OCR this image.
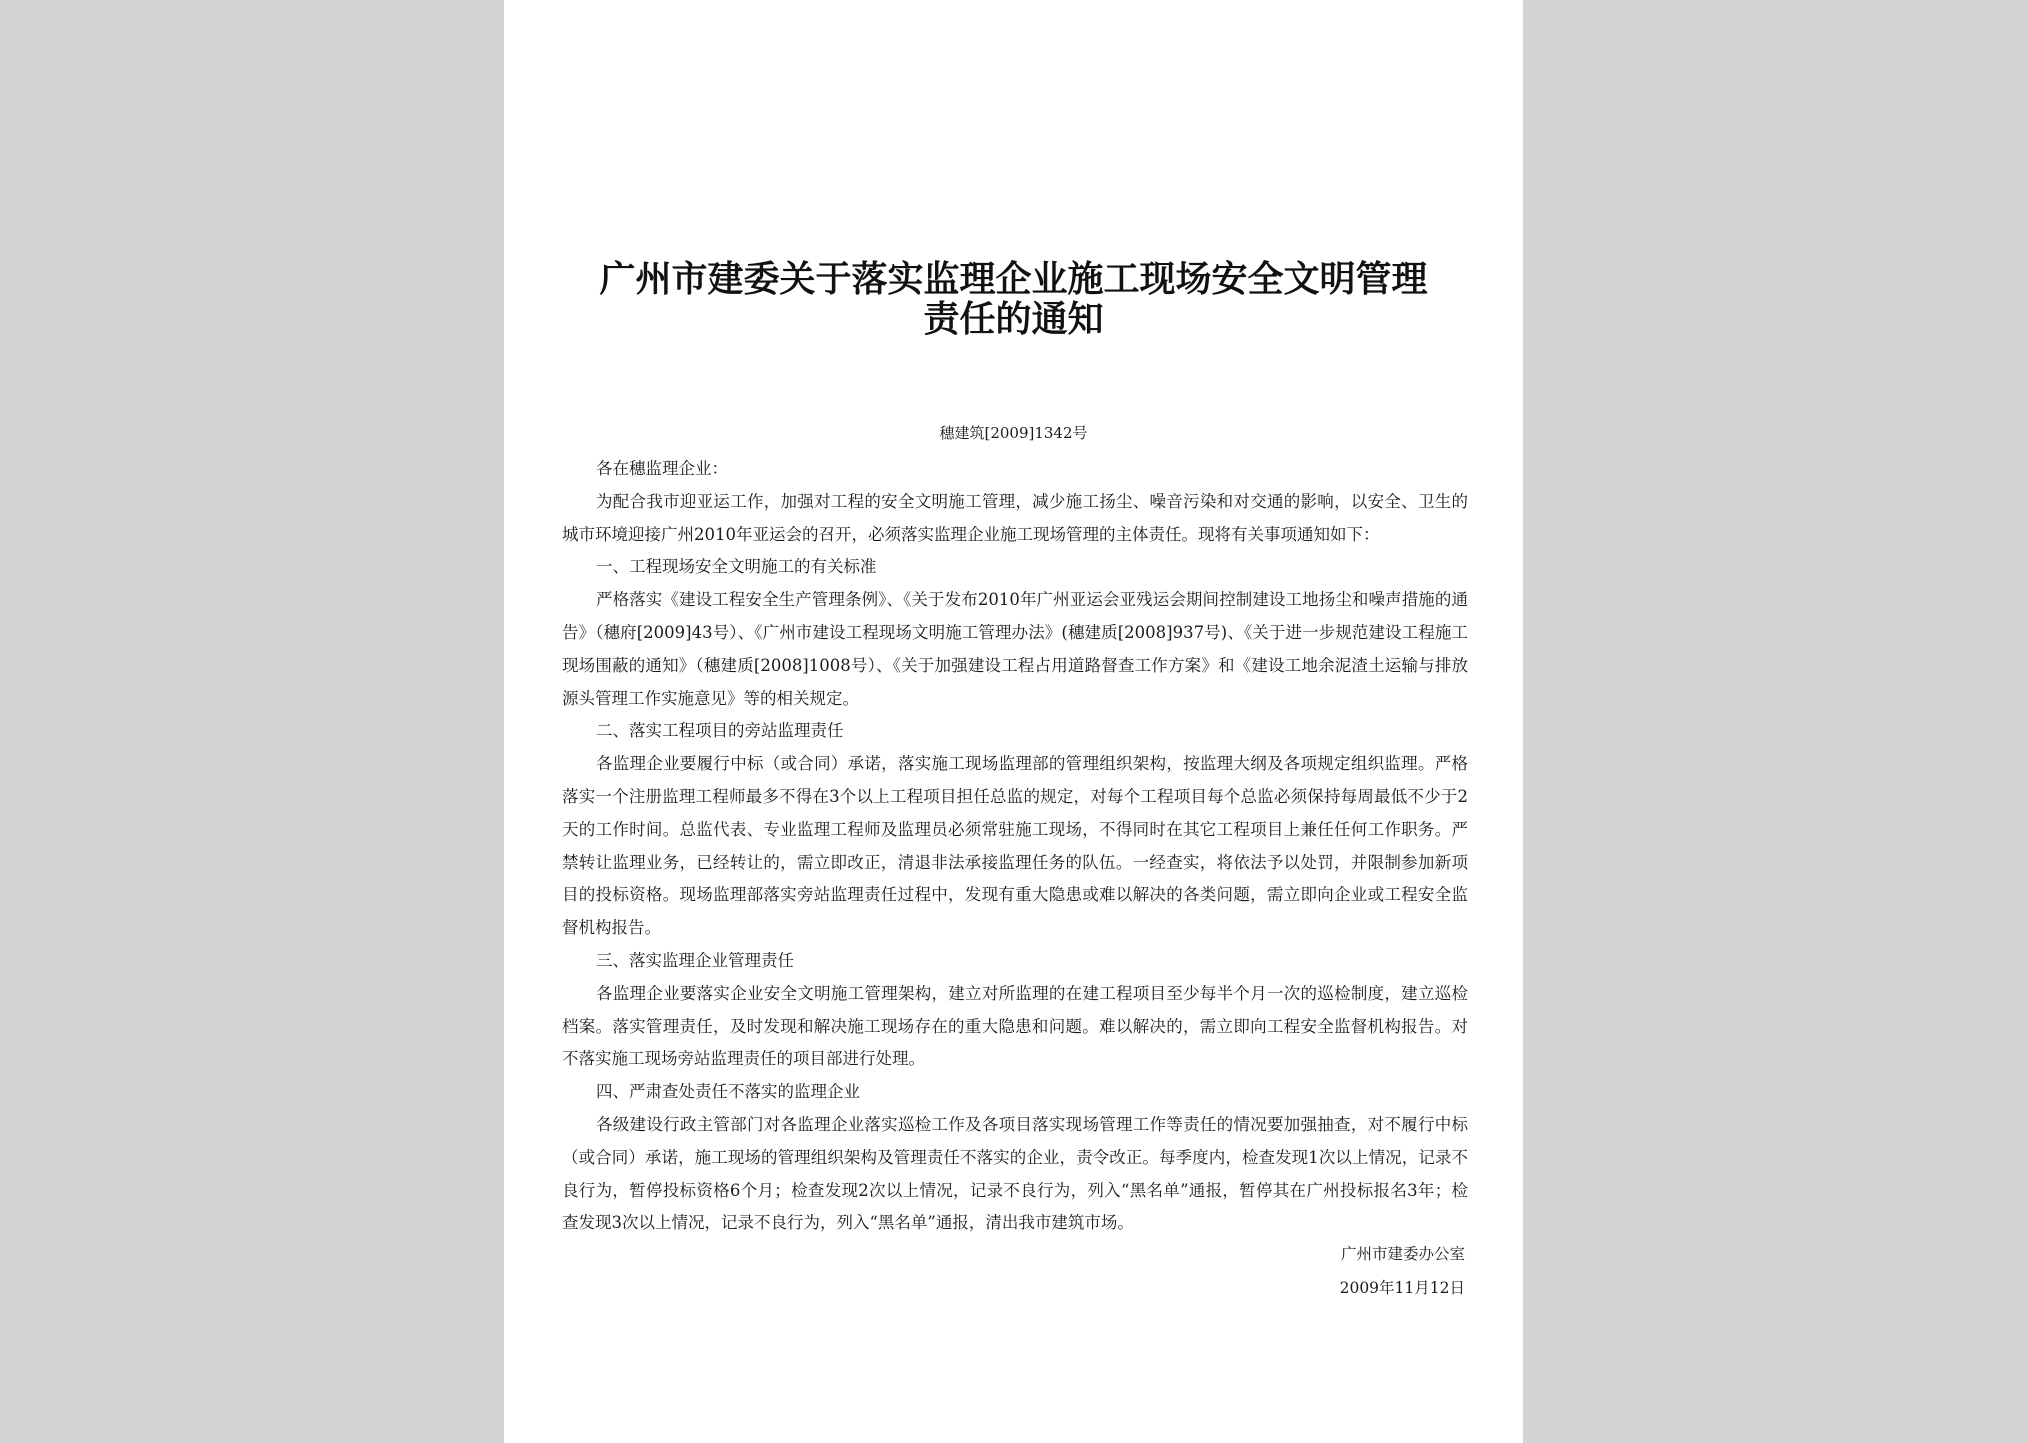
广州市建委关于落实监理企业施工现场安全文明管理
责任的通知
穗建筑[2009]1342号

各在穗监理企业：

为配合我市迎亚运工作，加强对工程的安全文明施工管理，减少施工扬尘、噪音污染和对交通的影响，以安全、卫生的城市环境迎接广州2010年亚运会的召开，必须落实监理企业施工现场管理的主体责任。现将有关事项通知如下：

一、工程现场安全文明施工的有关标准

严格落实《建设工程安全生产管理条例》、《关于发布2010年广州亚运会亚残运会期间控制建设工地扬尘和噪声措施的通告》（穗府[2009]43号）、《广州市建设工程现场文明施工管理办法》(穗建质[2008]937号)、《关于进一步规范建设工程施工现场围蔽的通知》（穗建质[2008]1008号）、《关于加强建设工程占用道路督查工作方案》和《建设工地余泥渣土运输与排放源头管理工作实施意见》等的相关规定。

二、落实工程项目的旁站监理责任

各监理企业要履行中标（或合同）承诺，落实施工现场监理部的管理组织架构，按监理大纲及各项规定组织监理。严格落实一个注册监理工程师最多不得在3个以上工程项目担任总监的规定，对每个工程项目每个总监必须保持每周最低不少于2天的工作时间。总监代表、专业监理工程师及监理员必须常驻施工现场，不得同时在其它工程项目上兼任任何工作职务。严禁转让监理业务，已经转让的，需立即改正，清退非法承接监理任务的队伍。一经查实，将依法予以处罚，并限制参加新项目的投标资格。现场监理部落实旁站监理责任过程中，发现有重大隐患或难以解决的各类问题，需立即向企业或工程安全监督机构报告。

三、落实监理企业管理责任

各监理企业要落实企业安全文明施工管理架构，建立对所监理的在建工程项目至少每半个月一次的巡检制度，建立巡检档案。落实管理责任，及时发现和解决施工现场存在的重大隐患和问题。难以解决的，需立即向工程安全监督机构报告。对不落实施工现场旁站监理责任的项目部进行处理。

四、严肃查处责任不落实的监理企业

各级建设行政主管部门对各监理企业落实巡检工作及各项目落实现场管理工作等责任的情况要加强抽查，对不履行中标（或合同）承诺，施工现场的管理组织架构及管理责任不落实的企业，责令改正。每季度内，检查发现1次以上情况，记录不良行为，暂停投标资格6个月；检查发现2次以上情况，记录不良行为，列入“黑名单”通报，暂停其在广州投标报名3年；检查发现3次以上情况，记录不良行为，列入“黑名单”通报，清出我市建筑市场。

广州市建委办公室
2009年11月12日
